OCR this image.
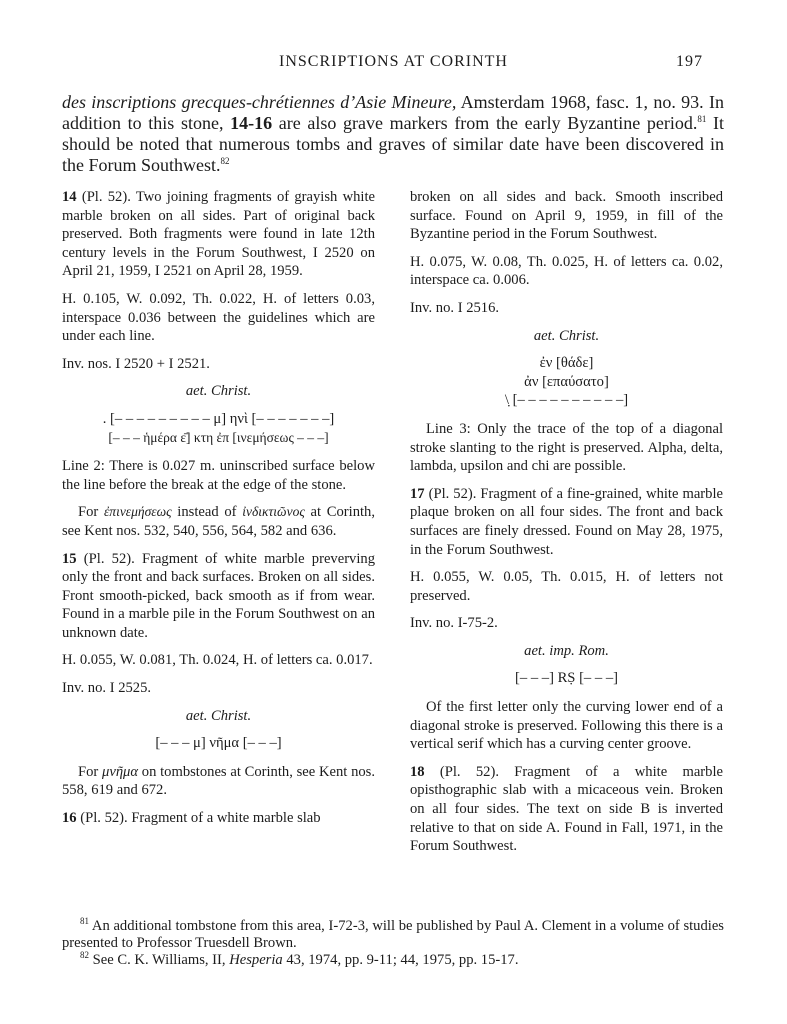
INSCRIPTIONS AT CORINTH	197
des inscriptions grecques-chrétiennes d’Asie Mineure, Amsterdam 1968, fasc. 1, no. 93. In addition to this stone, 14-16 are also grave markers from the early Byzantine period.$^{81}$ It should be noted that numerous tombs and graves of similar date have been discovered in the Forum Southwest.$^{82}$

14 (Pl. 52). Two joining fragments of grayish white marble broken on all sides. Part of original back preserved. Both fragments were found in late 12th century levels in the Forum Southwest, I 2520 on April 21, 1959, I 2521 on April 28, 1959.

H. 0.105, W. 0.092, Th. 0.022, H. of letters 0.03, interspace 0.036 between the guidelines which are under each line.

Inv. nos. I 2520 + I 2521.

aet. Christ.

. [– – – – – – – – – μ] ηνὶ [– – – – – – –]
[– – – ἡμέρα ε̄] κτη ἐπ [ινεμήσεως – – –]

Line 2: There is 0.027 m. uninscribed surface below the line before the break at the edge of the stone.

For ἐπινεμήσεως instead of ἰνδικτιῶνος at Corinth, see Kent nos. 532, 540, 556, 564, 582 and 636.

15 (Pl. 52). Fragment of white marble preverving only the front and back surfaces. Broken on all sides. Front smooth-picked, back smooth as if from wear. Found in a marble pile in the Forum Southwest on an unknown date.

H. 0.055, W. 0.081, Th. 0.024, H. of letters ca. 0.017.

Inv. no. I 2525.

aet. Christ.

[– – – μ] νῆμα [– – –]

For μνῆμα on tombstones at Corinth, see Kent nos. 558, 619 and 672.

16 (Pl. 52). Fragment of a white marble slab

broken on all sides and back. Smooth inscribed surface. Found on April 9, 1959, in fill of the Byzantine period in the Forum Southwest.

H. 0.075, W. 0.08, Th. 0.025, H. of letters ca. 0.02, interspace ca. 0.006.

Inv. no. I 2516.

aet. Christ.

ἐν [θάδε]
ἀν [επαύσατο]
\̣ [– – – – – – – – – –]

Line 3: Only the trace of the top of a diagonal stroke slanting to the right is preserved. Alpha, delta, lambda, upsilon and chi are possible.

17 (Pl. 52). Fragment of a fine-grained, white marble plaque broken on all four sides. The front and back surfaces are finely dressed. Found on May 28, 1975, in the Forum Southwest.

H. 0.055, W. 0.05, Th. 0.015, H. of letters not preserved.

Inv. no. I-75-2.

aet. imp. Rom.

[– – –] RṢ [– – –]

Of the first letter only the curving lower end of a diagonal stroke is preserved. Following this there is a vertical serif which has a curving center groove.

18 (Pl. 52). Fragment of a white marble opisthographic slab with a micaceous vein. Broken on all four sides. The text on side B is inverted relative to that on side A. Found in Fall, 1971, in the Forum Southwest.

$^{81}$ An additional tombstone from this area, I-72-3, will be published by Paul A. Clement in a volume of studies presented to Professor Truesdell Brown.

$^{82}$ See C. K. Williams, II, Hesperia 43, 1974, pp. 9-11; 44, 1975, pp. 15-17.
